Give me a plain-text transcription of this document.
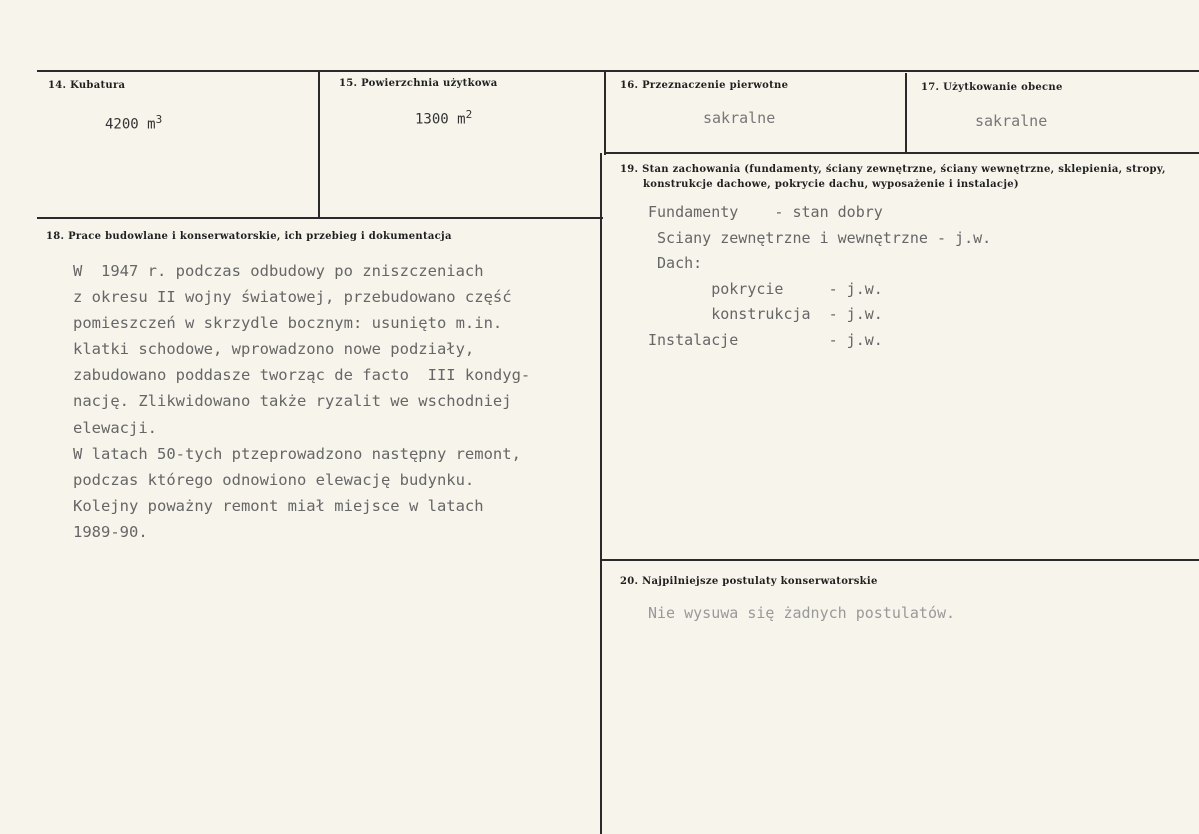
14. Kubatura
4200 $m^3$
15. Powierzchnia użytkowa
1300 $m^2$
16. Przeznaczenie pierwotne
sakralne
17. Użytkowanie obecne
sakralne
19. Stan zachowania (fundamenty, ściany zewnętrzne, ściany wewnętrzne, sklepienia, stropy,
konstrukcje dachowe, pokrycie dachu, wyposażenie i instalacje)
Fundamenty    - stan dobry
Sciany zewnętrzne i wewnętrzne - j.w.
Dach:
pokrycie     - j.w.
konstrukcja  - j.w.
Instalacje          - j.w.
18. Prace budowlane i konserwatorskie, ich przebieg i dokumentacja
W  1947 r. podczas odbudowy po zniszczeniach
z okresu II wojny światowej, przebudowano część
pomieszczeń w skrzydle bocznym: usunięto m.in.
klatki schodowe, wprowadzono nowe podziały,
zabudowano poddasze tworząc de facto  III kondyg-
nację. Zlikwidowano także ryzalit we wschodniej
elewacji.
W latach 50-tych ptzeprowadzono następny remont,
podczas którego odnowiono elewację budynku.
Kolejny poważny remont miał miejsce w latach
1989-90.
20. Najpilniejsze postulaty konserwatorskie
Nie wysuwa się żadnych postulatów.
